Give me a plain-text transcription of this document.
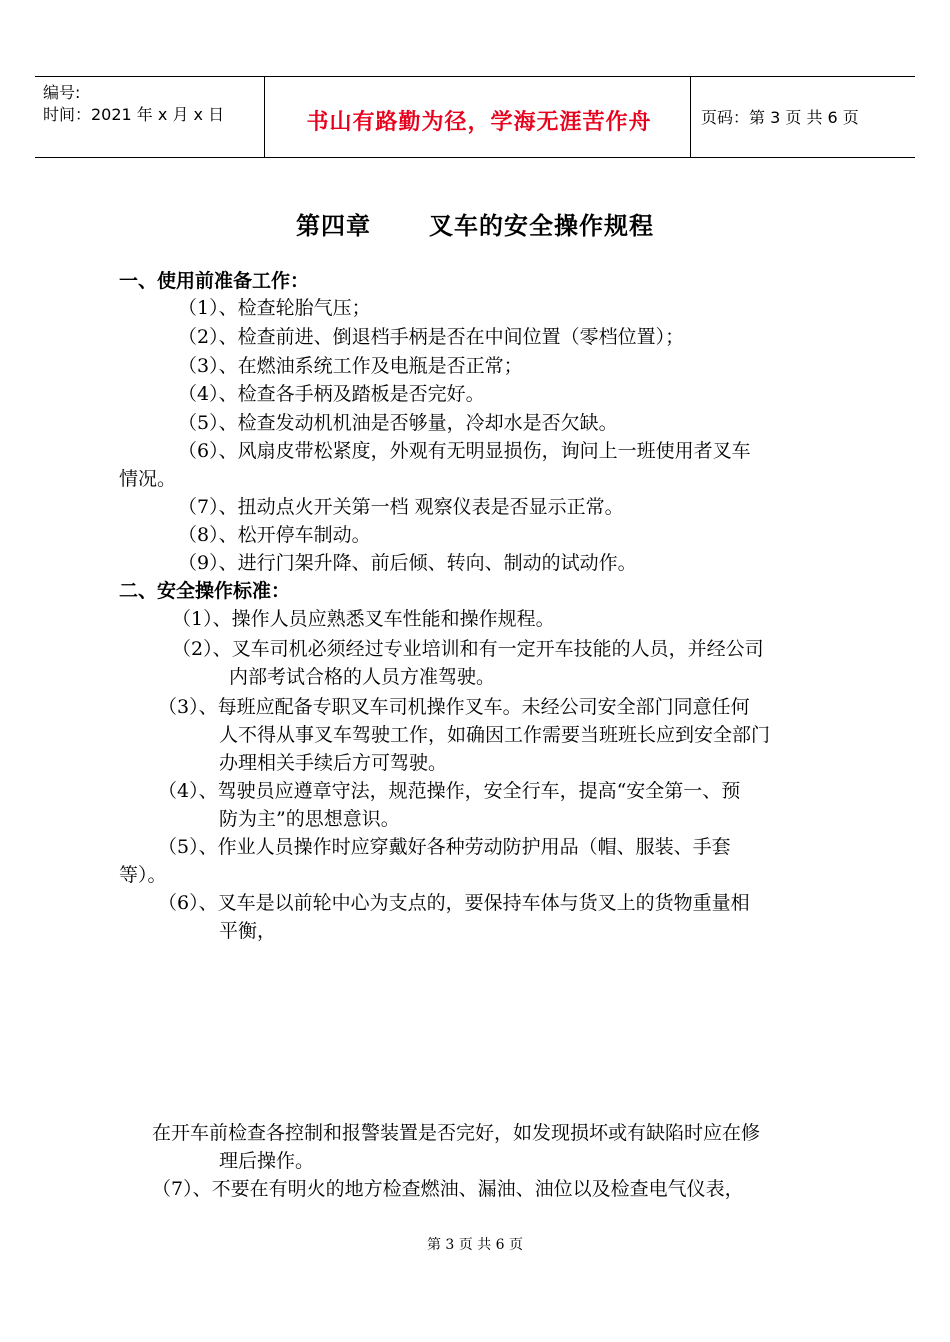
编号:
时间：2021 年 x 月 x 日	书山有路勤为径，学海无涯苦作舟	页码：第 3 页 共 6 页
第四章 叉车的安全操作规程
一、使用前准备工作：
（1）、检查轮胎气压；
（2）、检查前进、倒退档手柄是否在中间位置（零档位置）；
（3）、在燃油系统工作及电瓶是否正常；
（4）、检查各手柄及踏板是否完好。
（5）、检查发动机机油是否够量，冷却水是否欠缺。
（6）、风扇皮带松紧度，外观有无明显损伤，询问上一班使用者叉车
情况。
（7）、扭动点火开关第一档 观察仪表是否显示正常。
（8）、松开停车制动。
（9）、进行门架升降、前后倾、转向、制动的试动作。
二、安全操作标准：
（1）、操作人员应熟悉叉车性能和操作规程。
（2）、叉车司机必须经过专业培训和有一定开车技能的人员，并经公司
内部考试合格的人员方准驾驶。
（3）、每班应配备专职叉车司机操作叉车。未经公司安全部门同意任何
人不得从事叉车驾驶工作，如确因工作需要当班班长应到安全部门
办理相关手续后方可驾驶。
（4）、驾驶员应遵章守法，规范操作，安全行车，提高“安全第一、预
防为主”的思想意识。
（5）、作业人员操作时应穿戴好各种劳动防护用品（帽、服装、手套
等）。
（6）、叉车是以前轮中心为支点的，要保持车体与货叉上的货物重量相
平衡，
在开车前检查各控制和报警装置是否完好，如发现损坏或有缺陷时应在修
理后操作。
（7）、不要在有明火的地方检查燃油、漏油、油位以及检查电气仪表，
第 3 页 共 6 页
